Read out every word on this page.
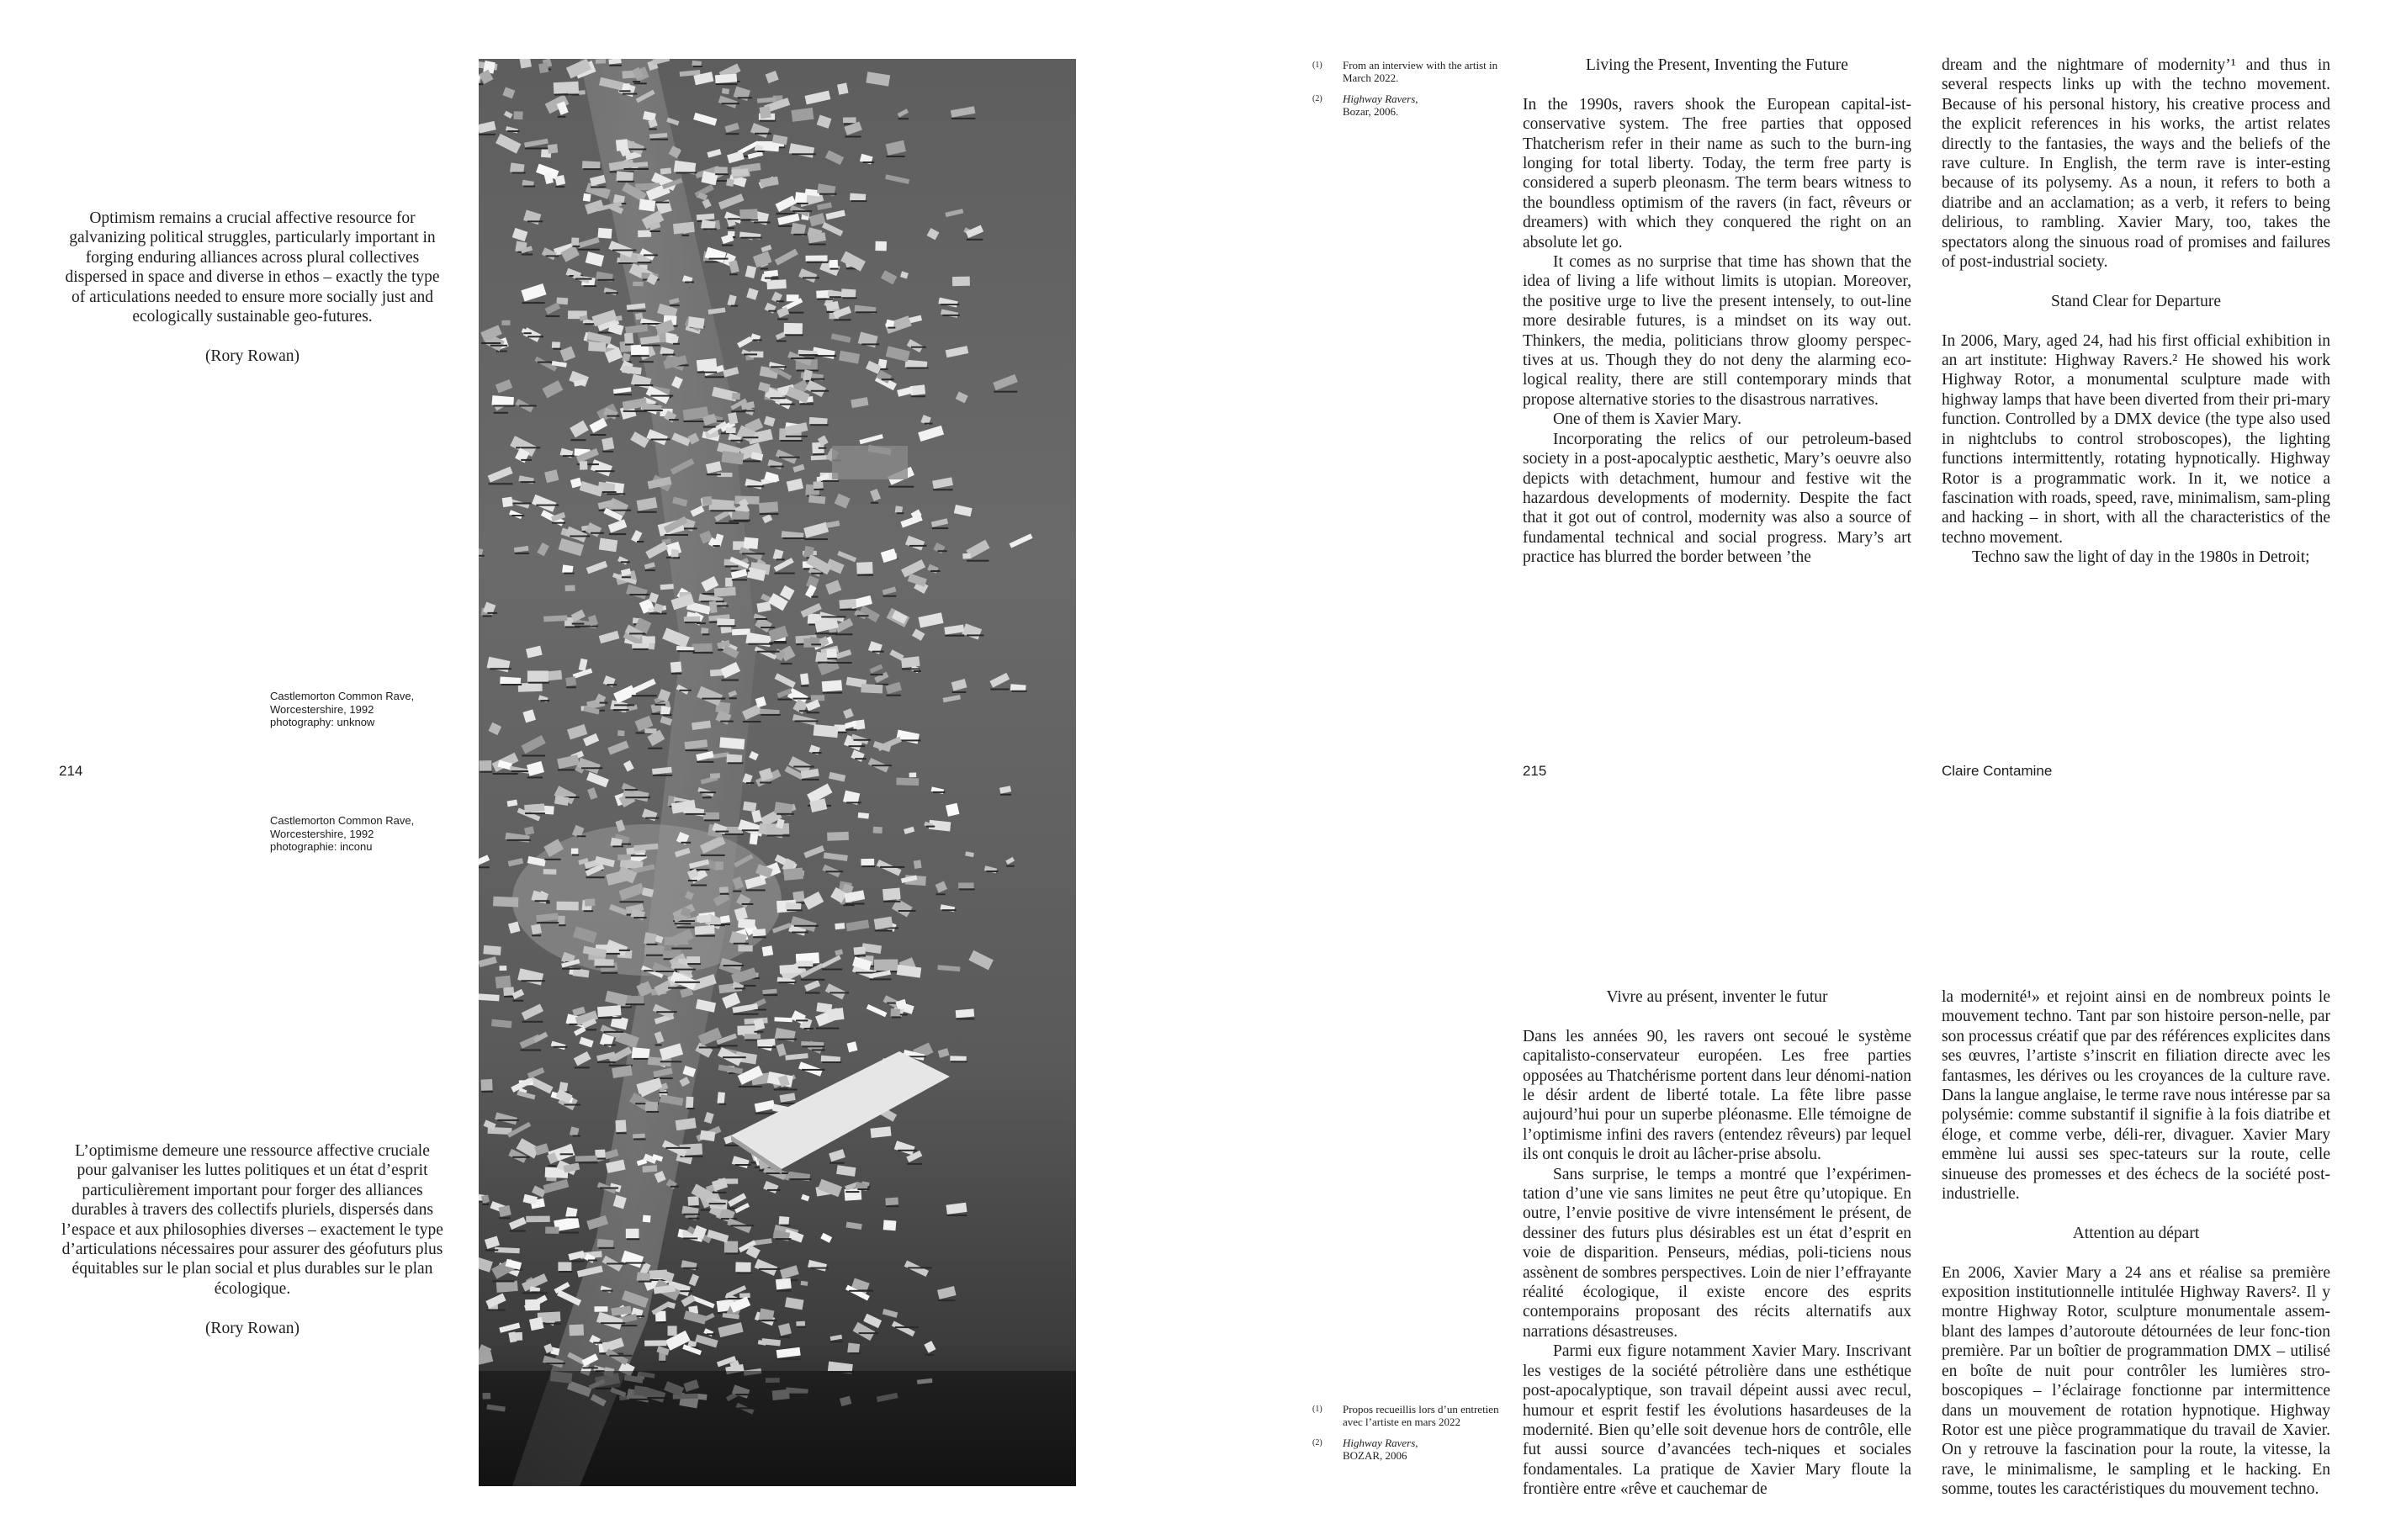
Optimism remains a crucial affective resource for galvanizing political struggles, particularly important in forging enduring alliances across plural collectives dispersed in space and diverse in ethos – exactly the type of articulations needed to ensure more socially just and ecologically sustainable geo-futures.
(Rory Rowan)
Castlemorton Common Rave,
Worcestershire, 1992
photography: unknow
214
Castlemorton Common Rave,
Worcestershire, 1992
photographie: inconu
L’optimisme demeure une ressource affective cruciale pour galvaniser les luttes politiques et un état d’esprit particulièrement important pour forger des alliances durables à travers des collectifs pluriels, dispersés dans l’espace et aux philosophies diverses – exactement le type d’articulations nécessaires pour assurer des géofuturs plus équitables sur le plan social et plus durables sur le plan écologique.
(Rory Rowan)
(1)	From an interview with the artist in March 2022.
(2)	Highway Ravers,
Bozar, 2006.
(1)	Propos recueillis lors d’un entretien avec l’artiste en mars 2022
(2)	Highway Ravers,
BOZAR, 2006
Living the Present, Inventing the Future

In the 1990s, ravers shook the European capital-ist-conservative system. The free parties that opposed Thatcherism refer in their name as such to the burn-ing longing for total liberty. Today, the term free party is considered a superb pleonasm. The term bears witness to the boundless optimism of the ravers (in fact, rêveurs or dreamers) with which they conquered the right on an absolute let go.

It comes as no surprise that time has shown that the idea of living a life without limits is utopian. Moreover, the positive urge to live the present intensely, to out-line more desirable futures, is a mindset on its way out. Thinkers, the media, politicians throw gloomy perspec-tives at us. Though they do not deny the alarming eco-logical reality, there are still contemporary minds that propose alternative stories to the disastrous narratives.

One of them is Xavier Mary.

Incorporating the relics of our petroleum-based society in a post-apocalyptic aesthetic, Mary’s oeuvre also depicts with detachment, humour and festive wit the hazardous developments of modernity. Despite the fact that it got out of control, modernity was also a source of fundamental technical and social progress. Mary’s art practice has blurred the border between ’the

dream and the nightmare of modernity’¹ and thus in several respects links up with the techno movement. Because of his personal history, his creative process and the explicit references in his works, the artist relates directly to the fantasies, the ways and the beliefs of the rave culture. In English, the term rave is inter-esting because of its polysemy. As a noun, it refers to both a diatribe and an acclamation; as a verb, it refers to being delirious, to rambling. Xavier Mary, too, takes the spectators along the sinuous road of promises and failures of post-industrial society.

Stand Clear for Departure

In 2006, Mary, aged 24, had his first official exhibition in an art institute: Highway Ravers.² He showed his work Highway Rotor, a monumental sculpture made with highway lamps that have been diverted from their pri-mary function. Controlled by a DMX device (the type also used in nightclubs to control stroboscopes), the lighting functions intermittently, rotating hypnotically. Highway Rotor is a programmatic work. In it, we notice a fascination with roads, speed, rave, minimalism, sam-pling and hacking – in short, with all the characteristics of the techno movement.

Techno saw the light of day in the 1980s in Detroit;

215	Claire Contamine
Vivre au présent, inventer le futur

Dans les années 90, les ravers ont secoué le système capitalisto-conservateur européen. Les free parties opposées au Thatchérisme portent dans leur dénomi-nation le désir ardent de liberté totale. La fête libre passe aujourd’hui pour un superbe pléonasme. Elle témoigne de l’optimisme infini des ravers (entendez rêveurs) par lequel ils ont conquis le droit au lâcher-prise absolu.

Sans surprise, le temps a montré que l’expérimen-tation d’une vie sans limites ne peut être qu’utopique. En outre, l’envie positive de vivre intensément le présent, de dessiner des futurs plus désirables est un état d’esprit en voie de disparition. Penseurs, médias, poli-ticiens nous assènent de sombres perspectives. Loin de nier l’effrayante réalité écologique, il existe encore des esprits contemporains proposant des récits alternatifs aux narrations désastreuses.

Parmi eux figure notamment Xavier Mary. Inscrivant les vestiges de la société pétrolière dans une esthétique post-apocalyptique, son travail dépeint aussi avec recul, humour et esprit festif les évolutions hasardeuses de la modernité. Bien qu’elle soit devenue hors de contrôle, elle fut aussi source d’avancées tech-niques et sociales fondamentales. La pratique de Xavier Mary floute la frontière entre «rêve et cauchemar de

la modernité¹» et rejoint ainsi en de nombreux points le mouvement techno. Tant par son histoire person-nelle, par son processus créatif que par des références explicites dans ses œuvres, l’artiste s’inscrit en filiation directe avec les fantasmes, les dérives ou les croyances de la culture rave. Dans la langue anglaise, le terme rave nous intéresse par sa polysémie: comme substantif il signifie à la fois diatribe et éloge, et comme verbe, déli-rer, divaguer. Xavier Mary emmène lui aussi ses spec-tateurs sur la route, celle sinueuse des promesses et des échecs de la société post-industrielle.

Attention au départ

En 2006, Xavier Mary a 24 ans et réalise sa première exposition institutionnelle intitulée Highway Ravers². Il y montre Highway Rotor, sculpture monumentale assem-blant des lampes d’autoroute détournées de leur fonc-tion première. Par un boîtier de programmation DMX – utilisé en boîte de nuit pour contrôler les lumières stro-boscopiques – l’éclairage fonctionne par intermittence dans un mouvement de rotation hypnotique. Highway Rotor est une pièce programmatique du travail de Xavier. On y retrouve la fascination pour la route, la vitesse, la rave, le minimalisme, le sampling et le hacking. En somme, toutes les caractéristiques du mouvement techno.
